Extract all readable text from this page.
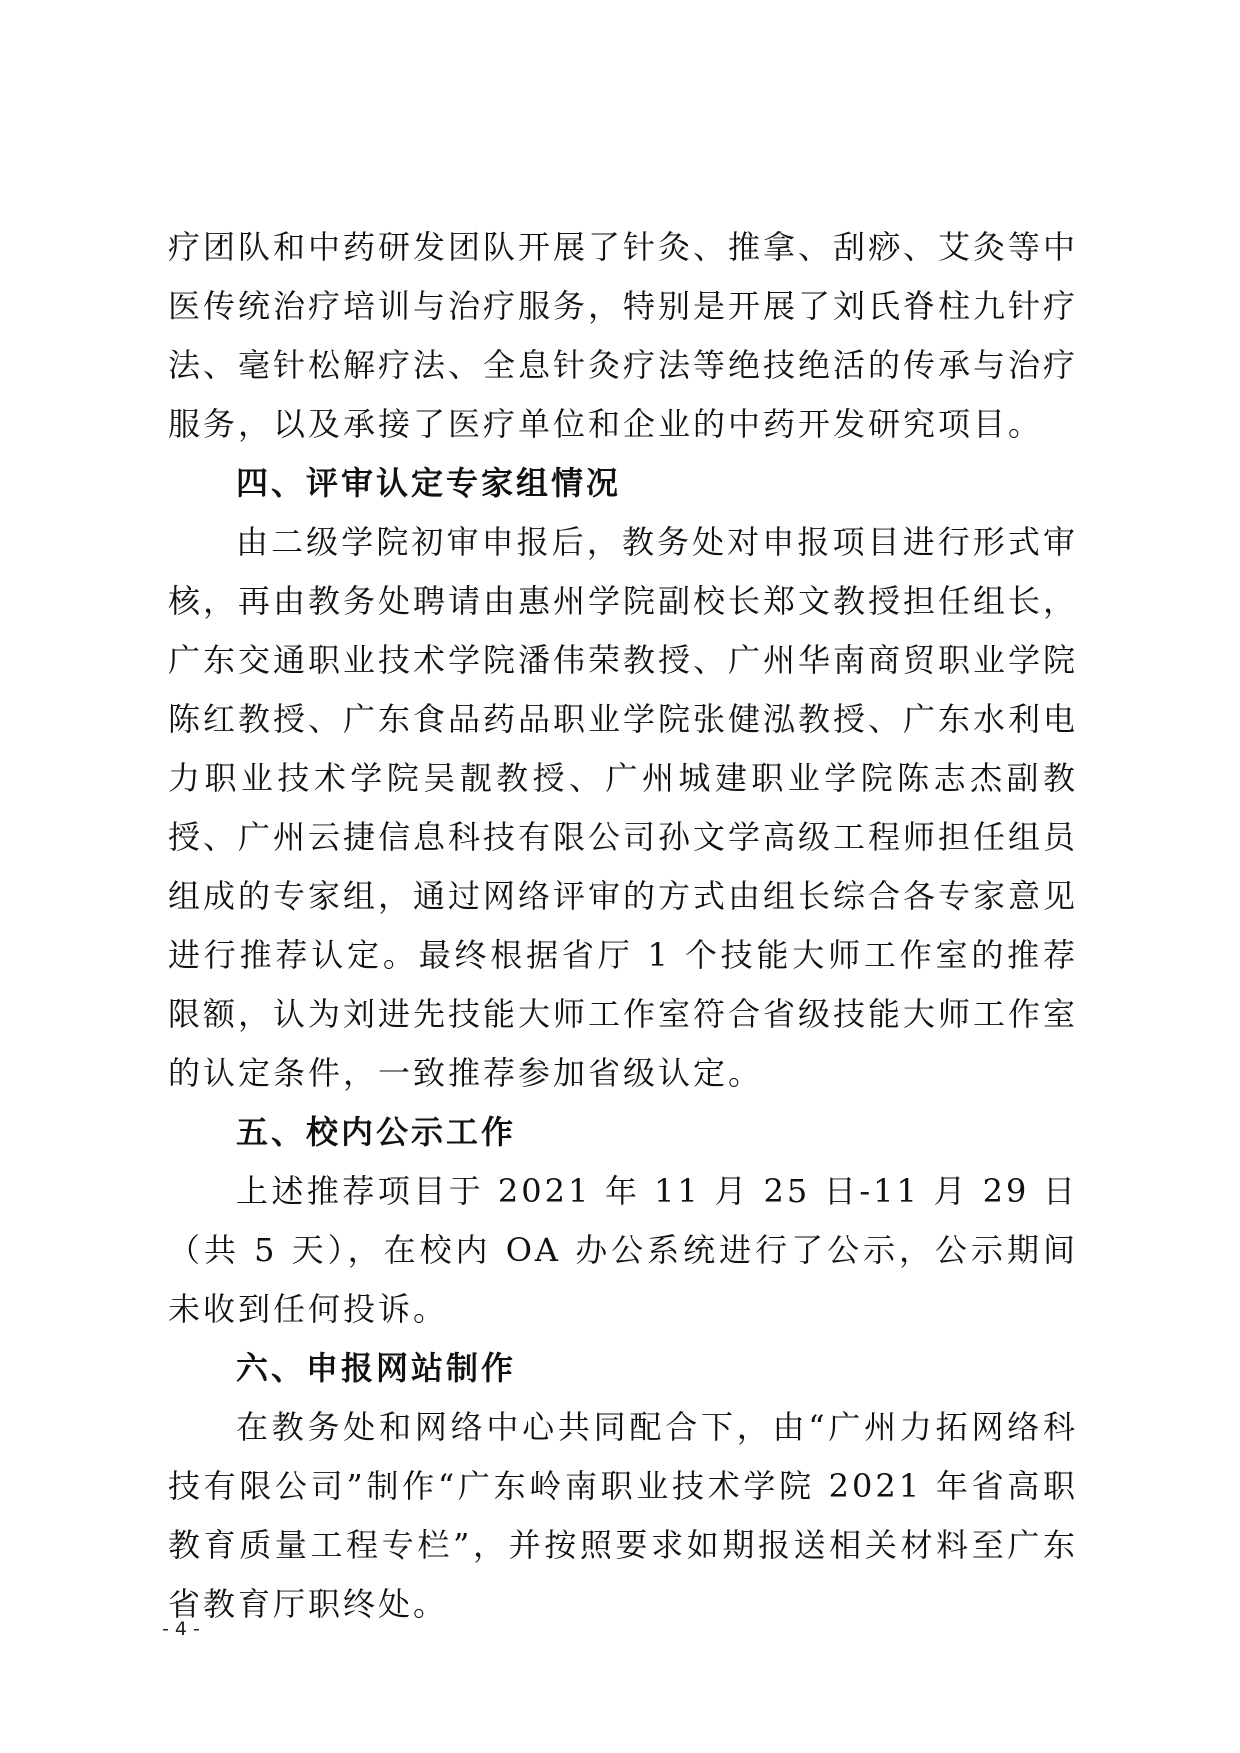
疗团队和中药研发团队开展了针灸、推拿、刮痧、艾灸等中医传统治疗培训与治疗服务，特别是开展了刘氏脊柱九针疗法、毫针松解疗法、全息针灸疗法等绝技绝活的传承与治疗服务，以及承接了医疗单位和企业的中药开发研究项目。

四、评审认定专家组情况

由二级学院初审申报后，教务处对申报项目进行形式审核，再由教务处聘请由惠州学院副校长郑文教授担任组长，广东交通职业技术学院潘伟荣教授、广州华南商贸职业学院陈红教授、广东食品药品职业学院张健泓教授、广东水利电力职业技术学院吴靓教授、广州城建职业学院陈志杰副教授、广州云捷信息科技有限公司孙文学高级工程师担任组员组成的专家组，通过网络评审的方式由组长综合各专家意见进行推荐认定。最终根据省厅 1 个技能大师工作室的推荐限额，认为刘进先技能大师工作室符合省级技能大师工作室的认定条件，一致推荐参加省级认定。

五、校内公示工作

上述推荐项目于 2021 年 11 月 25 日-11 月 29 日（共 5 天），在校内 OA 办公系统进行了公示，公示期间未收到任何投诉。

六、申报网站制作

在教务处和网络中心共同配合下，由“广州力拓网络科技有限公司”制作“广东岭南职业技术学院 2021 年省高职教育质量工程专栏”，并按照要求如期报送相关材料至广东省教育厅职终处。

- 4 -
